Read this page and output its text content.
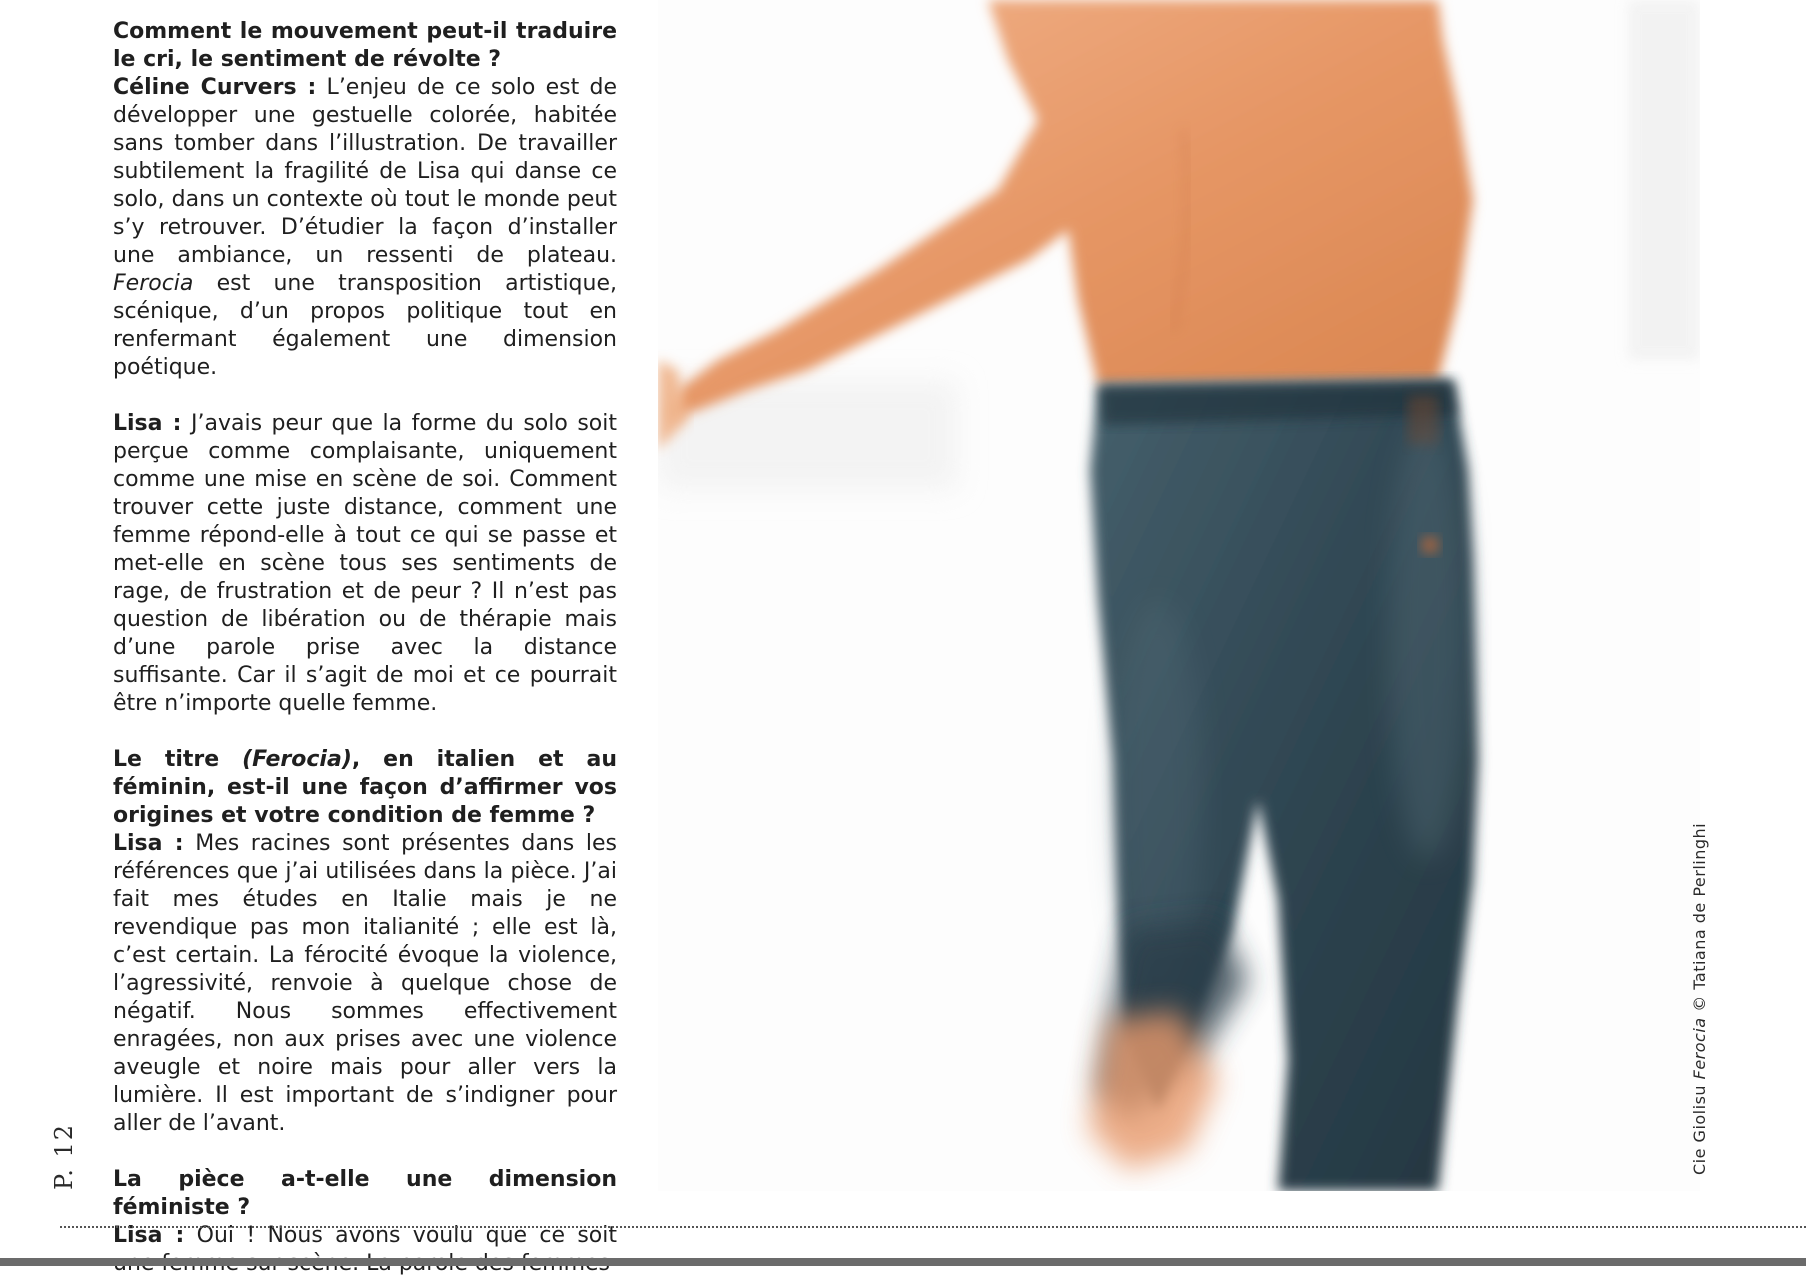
Comment le mouvement peut-il traduire le cri, le sentiment de révolte ?
Céline Curvers : L’enjeu de ce solo est de développer une gestuelle colorée, habitée sans tomber dans l’illustration. De travailler subtilement la fragilité de Lisa qui danse ce solo, dans un contexte où tout le monde peut s’y retrouver. D’étudier la façon d’installer une ambiance, un ressenti de plateau. Ferocia est une transposition artistique, scénique, d’un propos politique tout en renfermant également une dimension poétique.

Lisa : J’avais peur que la forme du solo soit perçue comme complaisante, uniquement comme une mise en scène de soi. Comment trouver cette juste distance, comment une femme répond-elle à tout ce qui se passe et met-elle en scène tous ses sentiments de rage, de frustration et de peur ? Il n’est pas question de libération ou de thérapie mais d’une parole prise avec la distance suffisante. Car il s’agit de moi et ce pourrait être n’importe quelle femme.

Le titre (Ferocia), en italien et au féminin, est-il une façon d’affirmer vos origines et votre condition de femme ?
Lisa : Mes racines sont présentes dans les références que j’ai utilisées dans la pièce. J’ai fait mes études en Italie mais je ne revendique pas mon italianité ; elle est là, c’est certain. La férocité évoque la violence, l’agressivité, renvoie à quelque chose de négatif. Nous sommes effectivement enragées, non aux prises avec une violence aveugle et noire mais pour aller vers la lumière. Il est important de s’indigner pour aller de l’avant.

La pièce a-t-elle une dimension féministe ?
Lisa : Oui ! Nous avons voulu que ce soit

P. 12	Cie Giolisu Ferocia © Tatiana de Perlinghi
